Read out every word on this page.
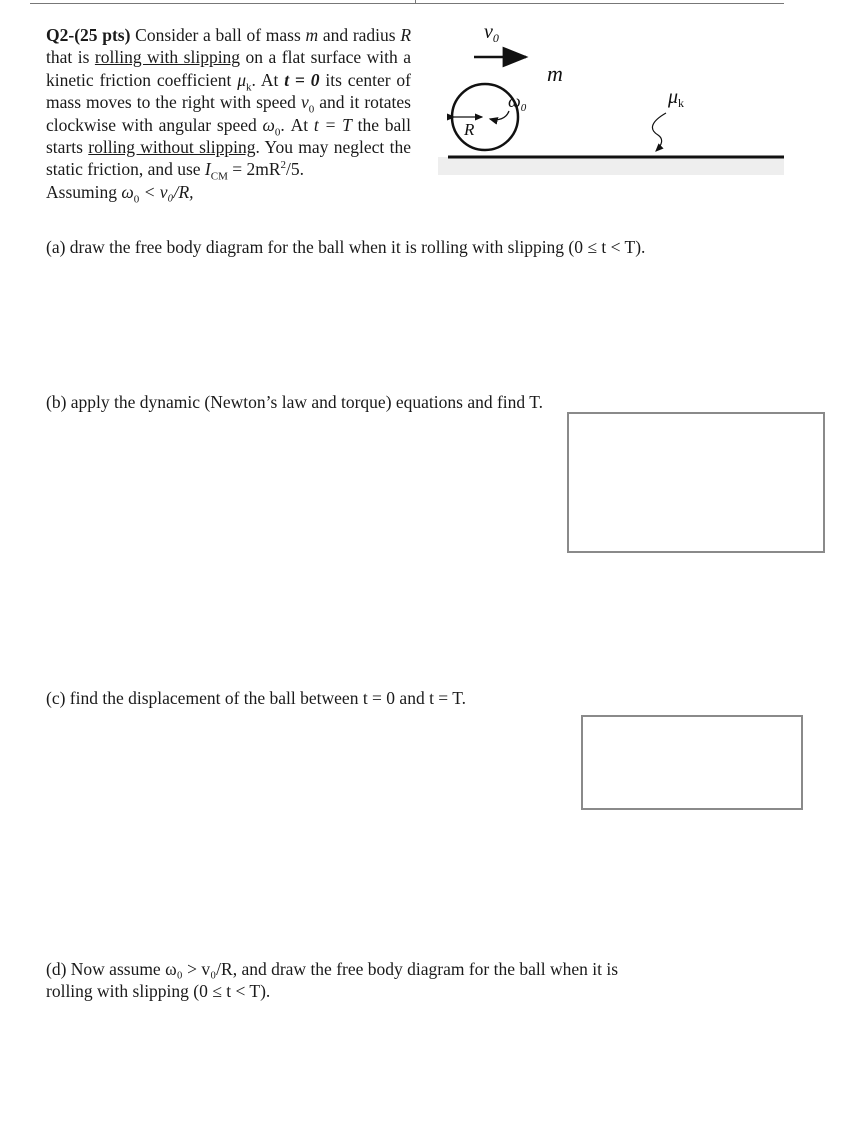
Q2-(25 pts) Consider a ball of mass m and radius R that is rolling with slipping on a flat surface with a kinetic friction coefficient $\mu_k$. At t = 0 its center of mass moves to the right with speed $v_0$ and it rotates clockwise with angular speed $\omega_0$. At t = T the ball starts rolling without slipping. You may neglect the static friction, and use $I_{CM} = 2mR^2/5$.

Assuming $\omega_0 < v_0/R$,

$v_0$
m
$\omega_0$
R
$\mu_k$
(a) draw the free body diagram for the ball when it is rolling with slipping (0 ≤ t < T).
(b) apply the dynamic (Newton’s law and torque) equations and find T.
(c) find the displacement of the ball between t = 0 and t = T.
(d) Now assume ω₀ > v₀/R, and draw the free body diagram for the ball when it is
rolling with slipping (0 ≤ t < T).
